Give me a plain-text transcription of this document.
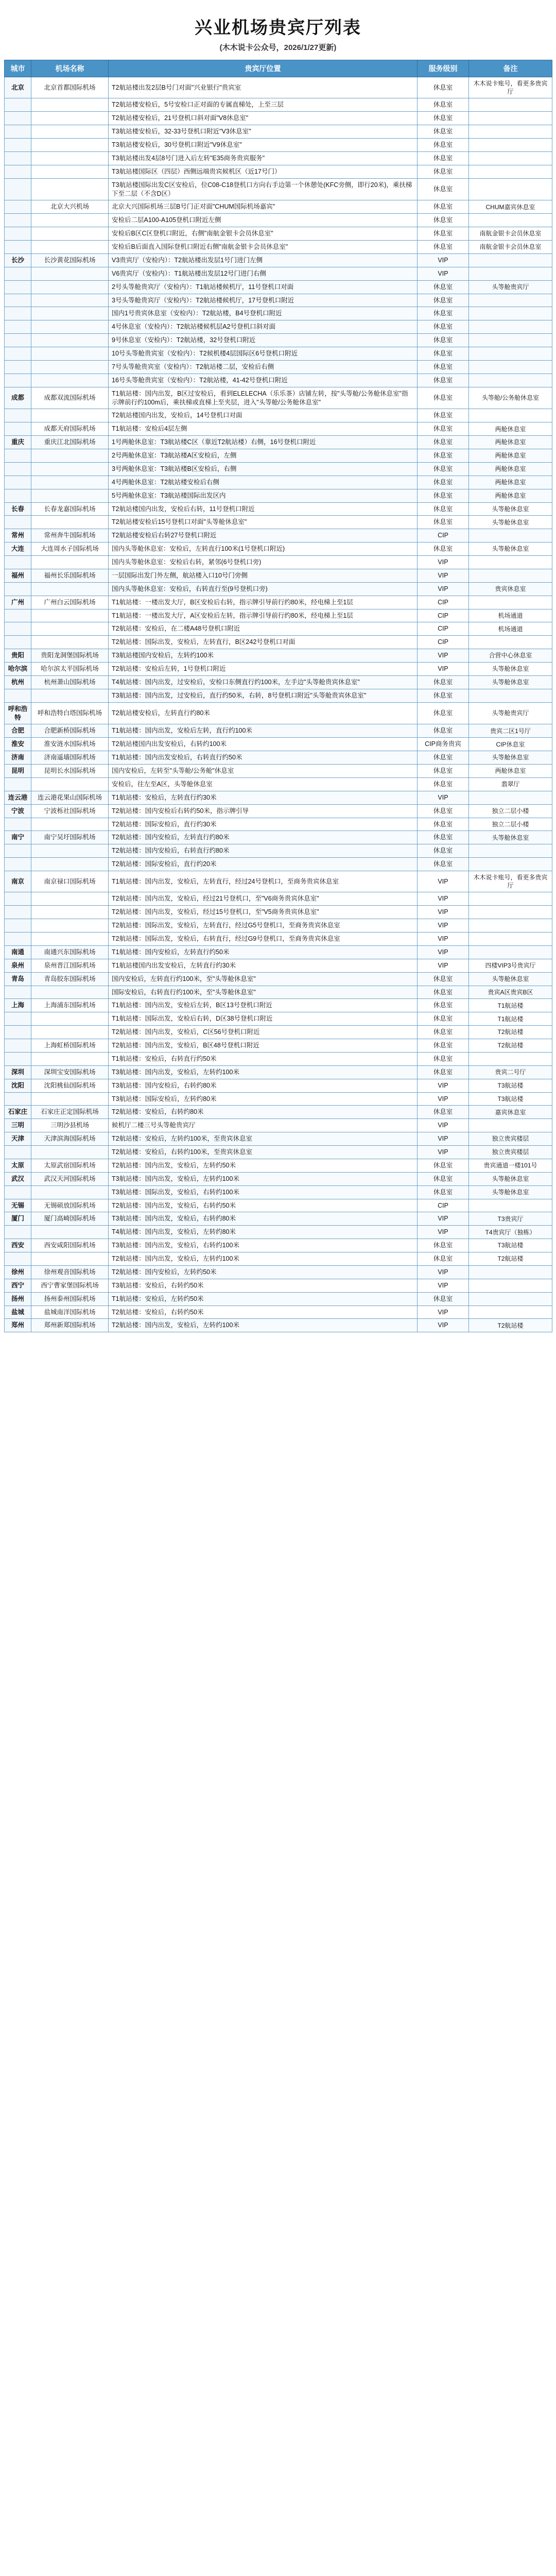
兴业机场贵宾厅列表
(木木说卡公众号，2026/1/27更新)
城市	机场名称	贵宾厅位置	服务级别	备注
北京	北京首都国际机场	T2航站楼出发2层B号门对面"兴业银行"贵宾室	休息室	木木说卡账号，看更多贵宾厅
		T2航站楼安检后，5号安检口正对面的专属直梯处，上至三层	休息室	
		T2航站楼安检后，21号登机口斜对面"V8休息室"	休息室	
		T3航站楼安检后，32-33号登机口附近"V3休息室"	休息室	
		T3航站楼安检后，30号登机口附近"V9休息室"	休息室	
		T3航站楼出发4层8号门进入后左转"E35商务贵宾服务"	休息室	
		T3航站楼国际区（四层）西侧远端贵宾候机区（近17号门）	休息室	
		T3航站楼国际出发C区安检后，位C08-C18登机口方向右手边第一个休憩处(KFC旁侧，即行20米)，乘扶梯下至二层（不含D区）	休息室	
	北京大兴机场	北京大兴国际机场三层B号门正对面"CHUM国际机场嘉宾"	休息室	CHUM嘉宾休息室
		安检后二层A100-A105登机口附近左侧	休息室	
		安检后B区C区登机口附近，右侧"南航金银卡会员休息室"	休息室	南航金银卡会员休息室
		安检后B后面直入国际登机口附近右侧"南航金银卡会员休息室"	休息室	南航金银卡会员休息室
长沙	长沙黄花国际机场	V3贵宾厅（安检内）：T2航站楼出发层1号门进门左侧	VIP	
		V6贵宾厅（安检内）：T1航站楼出发层12号门进门右侧	VIP	
		2号头等舱贵宾厅（安检内）：T1航站楼候机厅，11号登机口对面	休息室	头等舱贵宾厅
		3号头等舱贵宾厅（安检内）：T2航站楼候机厅，17号登机口附近	休息室	
		国内1号贵宾休息室（安检内）：T2航站楼，B4号登机口附近	休息室	
		4号休息室（安检内）：T2航站楼候机层A2号登机口斜对面	休息室	
		9号休息室（安检内）：T2航站楼，32号登机口附近	休息室	
		10号头等舱贵宾室（安检内）：T2候机楼4层国际区6号登机口附近	休息室	
		7号头等舱贵宾室（安检内）：T2航站楼二层，安检后右侧	休息室	
		16号头等舱贵宾室（安检内）：T2航站楼，41-42号登机口附近	休息室	
成都	成都双流国际机场	T1航站楼：国内出发，B区过安检后，看到ELELECHA（乐乐茶）店铺左转，按"头等舱/公务舱休息室"指示牌前行约100m后，乘扶梯或直梯上至夹层，进入"头等舱/公务舱休息室"	休息室	头等舱/公务舱休息室
		T2航站楼国内出发，安检后，14号登机口对面	休息室	
	成都天府国际机场	T1航站楼：安检后4层左侧	休息室	两舱休息室
重庆	重庆江北国际机场	1号两舱休息室：T3航站楼C区（靠近T2航站楼）右侧，16号登机口附近	休息室	两舱休息室
		2号两舱休息室：T3航站楼A区安检后，左侧	休息室	两舱休息室
		3号两舱休息室：T3航站楼B区安检后，右侧	休息室	两舱休息室
		4号两舱休息室：T2航站楼安检后右侧	休息室	两舱休息室
		5号两舱休息室：T3航站楼国际出发区内	休息室	两舱休息室
长春	长春龙嘉国际机场	T2航站楼国内出发，安检后右转，11号登机口附近	休息室	头等舱休息室
		T2航站楼安检后15号登机口对面"头等舱休息室"	休息室	头等舱休息室
常州	常州奔牛国际机场	T2航站楼安检后右转27号登机口附近	CIP	
大连	大连周水子国际机场	国内头等舱休息室：安检后，左转直行100米(1号登机口附近)	休息室	头等舱休息室
		国内头等舱休息室：安检后右转，紧邻(6号登机口旁)	VIP	
福州	福州长乐国际机场	一层国际出发门外左侧，航站楼入口10号门旁侧	VIP	
		国内头等舱休息室：安检后，右转直行至(9号登机口旁)	VIP	贵宾休息室
广州	广州白云国际机场	T1航站楼：一楼出发大厅，B区安检后右转，指示牌引导前行约80米，经电梯上至1层	CIP	
		T1航站楼：一楼出发大厅，A区安检后左转，指示牌引导前行约80米，经电梯上至1层	CIP	机场通道
		T2航站楼：安检后，在二楼A48号登机口附近	CIP	机场通道
		T2航站楼：国际出发，安检后，左转直行，B区242号登机口对面	CIP	
贵阳	贵阳龙洞堡国际机场	T3航站楼国内安检后，左转约100米	VIP	合营中心休息室
哈尔滨	哈尔滨太平国际机场	T2航站楼：安检后左转，1号登机口附近	VIP	头等舱休息室
杭州	杭州萧山国际机场	T4航站楼：国内出发，过安检后，安检口东侧直行约100米，左手边"头等舱贵宾休息室"	休息室	头等舱休息室
		T3航站楼：国内出发，过安检后，直行约50米，右转，8号登机口附近"头等舱贵宾休息室"	休息室	
呼和浩特	呼和浩特白塔国际机场	T2航站楼安检后，左转直行约80米	休息室	头等舱贵宾厅
合肥	合肥新桥国际机场	T1航站楼：国内出发，安检后左转，直行约100米	休息室	贵宾二区1号厅
淮安	淮安涟水国际机场	T2航站楼国内出发安检后，右转约100米	CIP商务贵宾	CIP休息室
济南	济南遥墙国际机场	T1航站楼：国内出发安检后，右转直行约50米	休息室	头等舱休息室
昆明	昆明长水国际机场	国内安检后，左转至"头等舱/公务舱"休息室	休息室	两舱休息室
		安检后，往左至A区，头等舱休息室	休息室	翡翠厅
连云港	连云港花果山国际机场	T1航站楼：安检后，左转直行约30米	VIP	
宁波	宁波栎社国际机场	T2航站楼：国内安检后右转约50米，指示牌引导	休息室	独立二层小楼
		T2航站楼：国际安检后，直行约30米	休息室	独立二层小楼
南宁	南宁吴圩国际机场	T2航站楼：国内安检后，左转直行约80米	休息室	头等舱休息室
		T2航站楼：国内安检后，右转直行约80米	休息室	
		T2航站楼：国际安检后，直行约20米	休息室	
南京	南京禄口国际机场	T1航站楼：国内出发，安检后，左转直行，经过24号登机口，至商务贵宾休息室	VIP	木木说卡账号，看更多贵宾厅
		T2航站楼：国内出发，安检后，经过21号登机口，至"V6商务贵宾休息室"	VIP	
		T2航站楼：国内出发，安检后，经过15号登机口，至"V5商务贵宾休息室"	VIP	
		T2航站楼：国际出发，安检后，左转直行，经过G5号登机口，至商务贵宾休息室	VIP	
		T2航站楼：国际出发，安检后，右转直行，经过G9号登机口，至商务贵宾休息室	VIP	
南通	南通兴东国际机场	T1航站楼：国内安检后，左转直行约50米	VIP	
泉州	泉州晋江国际机场	T1航站楼国内出发安检后，左转直行约30米	VIP	四楼VIP3号贵宾厅
青岛	青岛胶东国际机场	国内安检后，左转直行约100米，至"头等舱休息室"	休息室	头等舱休息室
		国际安检后，右转直行约100米，至"头等舱休息室"	休息室	贵宾A区贵宾B区
上海	上海浦东国际机场	T1航站楼：国内出发，安检后左转，B区13号登机口附近	休息室	T1航站楼
		T1航站楼：国际出发，安检后右转，D区38号登机口附近	休息室	T1航站楼
		T2航站楼：国内出发，安检后，C区56号登机口附近	休息室	T2航站楼
	上海虹桥国际机场	T2航站楼：国内出发，安检后，B区48号登机口附近	休息室	T2航站楼
		T1航站楼：安检后，右转直行约50米	休息室	
深圳	深圳宝安国际机场	T3航站楼：国内出发，安检后，左转约100米	休息室	贵宾二号厅
沈阳	沈阳桃仙国际机场	T3航站楼：国内安检后，右转约80米	VIP	T3航站楼
		T3航站楼：国际安检后，左转约80米	VIP	T3航站楼
石家庄	石家庄正定国际机场	T2航站楼：安检后，右转约80米	休息室	嘉宾休息室
三明	三明沙县机场	候机厅二楼三号头等舱贵宾厅	VIP	
天津	天津滨海国际机场	T2航站楼：安检后，左转约100米，至贵宾休息室	VIP	独立贵宾楼层
		T2航站楼：安检后，右转约100米，至贵宾休息室	VIP	独立贵宾楼层
太原	太原武宿国际机场	T2航站楼：国内出发，安检后，左转约50米	休息室	贵宾通道一楼101号
武汉	武汉天河国际机场	T3航站楼：国内出发，安检后，左转约100米	休息室	头等舱休息室
		T3航站楼：国际出发，安检后，右转约100米	休息室	头等舱休息室
无锡	无锡硕放国际机场	T2航站楼：国内出发，安检后，右转约50米	CIP	
厦门	厦门高崎国际机场	T3航站楼：国内出发，安检后，右转约80米	VIP	T3贵宾厅
		T4航站楼：国内出发，安检后，左转约80米	VIP	T4贵宾厅（独栋）
西安	西安咸阳国际机场	T3航站楼：国内出发，安检后，右转约100米	休息室	T3航站楼
		T2航站楼：国内出发，安检后，左转约100米	休息室	T2航站楼
徐州	徐州观音国际机场	T2航站楼：国内安检后，左转约50米	VIP	
西宁	西宁曹家堡国际机场	T3航站楼：安检后，右转约50米	VIP	
扬州	扬州泰州国际机场	T1航站楼：安检后，左转约50米	休息室	
盐城	盐城南洋国际机场	T2航站楼：安检后，右转约50米	VIP	
郑州	郑州新郑国际机场	T2航站楼：国内出发，安检后，左转约100米	VIP	T2航站楼
